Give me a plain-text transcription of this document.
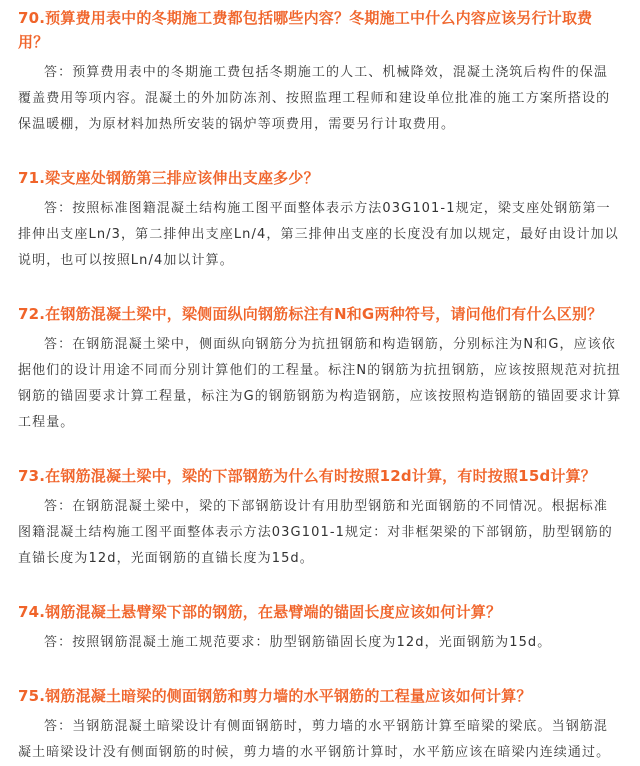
70.预算费用表中的冬期施工费都包括哪些内容？冬期施工中什么内容应该另行计取费用？

答：预算费用表中的冬期施工费包括冬期施工的人工、机械降效，混凝土浇筑后构件的保温覆盖费用等项内容。混凝土的外加防冻剂、按照监理工程师和建设单位批准的施工方案所搭设的保温暖棚，为原材料加热所安装的锅炉等项费用，需要另行计取费用。

71.梁支座处钢筋第三排应该伸出支座多少？

答：按照标准图籍混凝土结构施工图平面整体表示方法03G101-1规定，梁支座处钢筋第一排伸出支座Ln/3，第二排伸出支座Ln/4，第三排伸出支座的长度没有加以规定，最好由设计加以说明，也可以按照Ln/4加以计算。

72.在钢筋混凝土梁中，梁侧面纵向钢筋标注有N和G两种符号，请问他们有什么区别？

答：在钢筋混凝土梁中，侧面纵向钢筋分为抗扭钢筋和构造钢筋，分别标注为N和G，应该依据他们的设计用途不同而分别计算他们的工程量。标注N的钢筋为抗扭钢筋，应该按照规范对抗扭钢筋的锚固要求计算工程量，标注为G的钢筋钢筋为构造钢筋，应该按照构造钢筋的锚固要求计算工程量。

73.在钢筋混凝土梁中，梁的下部钢筋为什么有时按照12d计算，有时按照15d计算？

答：在钢筋混凝土梁中，梁的下部钢筋设计有用肋型钢筋和光面钢筋的不同情况。根据标准图籍混凝土结构施工图平面整体表示方法03G101-1规定：对非框架梁的下部钢筋，肋型钢筋的直锚长度为12d，光面钢筋的直锚长度为15d。

74.钢筋混凝土悬臂梁下部的钢筋，在悬臂端的锚固长度应该如何计算？

答：按照钢筋混凝土施工规范要求：肋型钢筋锚固长度为12d，光面钢筋为15d。

75.钢筋混凝土暗梁的侧面钢筋和剪力墙的水平钢筋的工程量应该如何计算？

答：当钢筋混凝土暗梁设计有侧面钢筋时，剪力墙的水平钢筋计算至暗梁的梁底。当钢筋混凝土暗梁设计没有侧面钢筋的时候，剪力墙的水平钢筋计算时，水平筋应该在暗梁内连续通过。
